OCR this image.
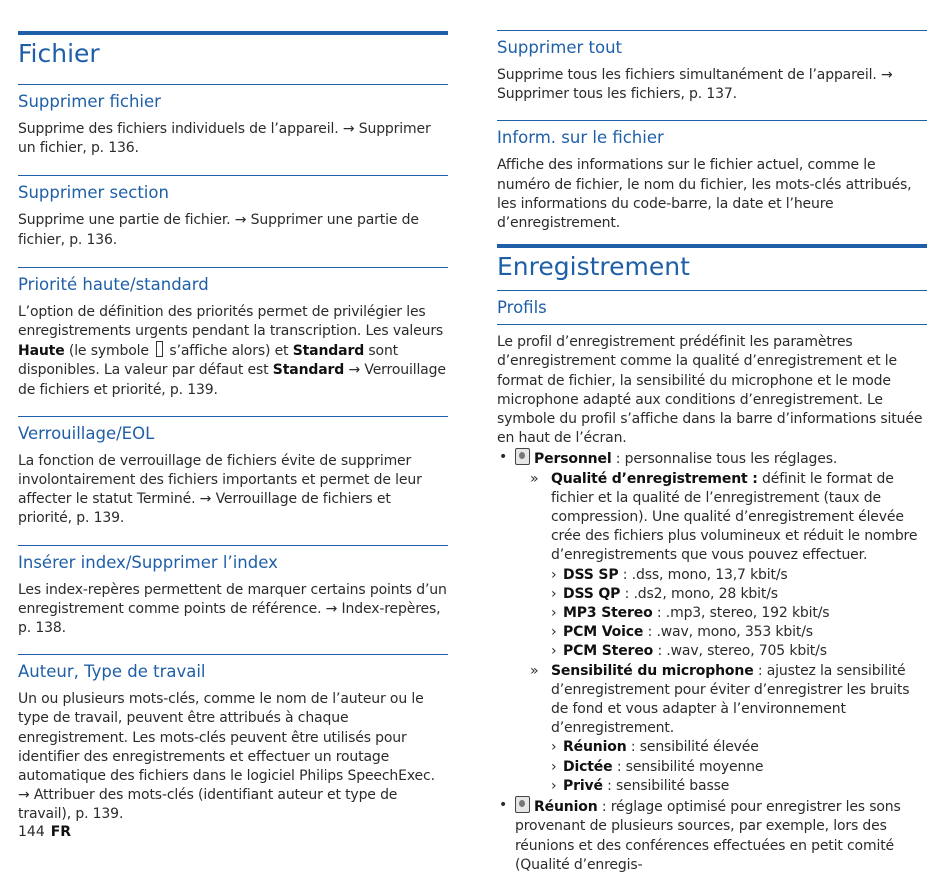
Fichier
Supprimer fichier

Supprime des fichiers individuels de l’appareil. → Supprimer un fichier, p. 136.

Supprimer section

Supprime une partie de fichier. → Supprimer une partie de fichier, p. 136.

Priorité haute/standard

L’option de définition des priorités permet de privilégier les enregistrements urgents pendant la transcription. Les valeurs Haute (le symbole  s’affiche alors) et Standard sont disponibles. La valeur par défaut est Standard → Verrouillage de fichiers et priorité, p. 139.

Verrouillage/EOL

La fonction de verrouillage de fichiers évite de supprimer involontairement des fichiers importants et permet de leur affecter le statut Terminé. → Verrouillage de fichiers et priorité, p. 139.

Insérer index/Supprimer l’index

Les index-repères permettent de marquer certains points d’un enregistrement comme points de référence. → Index-repères, p. 138.

Auteur, Type de travail

Un ou plusieurs mots-clés, comme le nom de l’auteur ou le type de travail, peuvent être attribués à chaque enregistrement. Les mots-clés peuvent être utilisés pour identifier des enregistrements et effectuer un routage automatique des fichiers dans le logiciel Philips SpeechExec. → Attribuer des mots-clés (identifiant auteur et type de travail), p. 139.

Supprimer tout

Supprime tous les fichiers simultanément de l’appareil. → Supprimer tous les fichiers, p. 137.

Inform. sur le fichier

Affiche des informations sur le fichier actuel, comme le numéro de fichier, le nom du fichier, les mots-clés attribués, les informations du code-barre, la date et l’heure d’enregistrement.

Enregistrement
Profils

Le profil d’enregistrement prédéfinit les paramètres d’enregistrement comme la qualité d’enregistrement et le format de fichier, la sensibilité du microphone et le mode microphone adapté aux conditions d’enregistrement. Le symbole du profil s’affiche dans la barre d’informations située en haut de l’écran.

• Personnel : personnalise tous les réglages.
» Qualité d’enregistrement : définit le format de fichier et la qualité de l’enregistrement (taux de compression). Une qualité d’enregistrement élevée crée des fichiers plus volumineux et réduit le nombre d’enregistrements que vous pouvez effectuer.
› DSS SP : .dss, mono, 13,7 kbit/s
› DSS QP : .ds2, mono, 28 kbit/s
› MP3 Stereo : .mp3, stereo, 192 kbit/s
› PCM Voice : .wav, mono, 353 kbit/s
› PCM Stereo : .wav, stereo, 705 kbit/s
» Sensibilité du microphone : ajustez la sensibilité d’enregistrement pour éviter d’enregistrer les bruits de fond et vous adapter à l’environnement d’enregistrement.
› Réunion : sensibilité élevée
› Dictée : sensibilité moyenne
› Privé : sensibilité basse
• Réunion : réglage optimisé pour enregistrer les sons provenant de plusieurs sources, par exemple, lors des réunions et des conférences effectuées en petit comité (Qualité d’enregis-
144 FR
